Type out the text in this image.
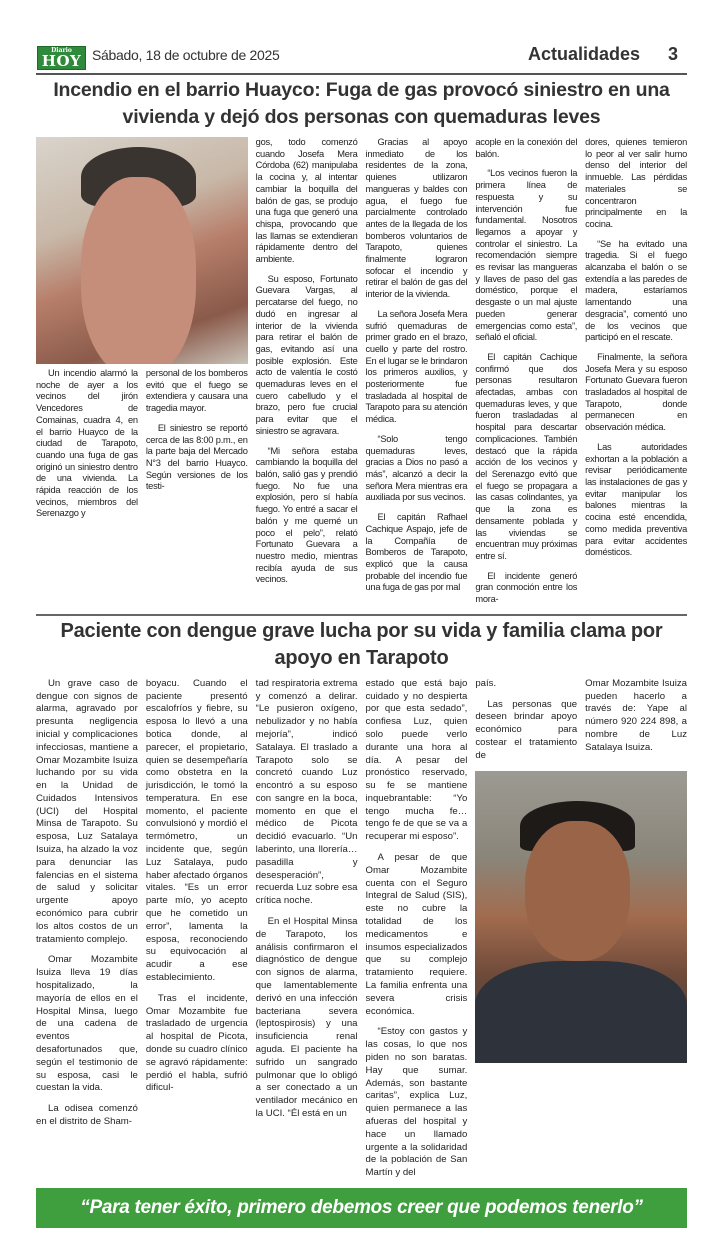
Diario
HOY Sábado, 18 de octubre de 2025	Actualidades 3
Incendio en el barrio Huayco: Fuga de gas provocó siniestro en una vivienda y dejó dos personas con quemaduras leves

Un incendio alarmó la noche de ayer a los vecinos del jirón Vencedores de Comainas, cuadra 4, en el barrio Huayco de la ciudad de Tarapoto, cuando una fuga de gas originó un siniestro dentro de una vivienda. La rápida reacción de los vecinos, miembros del Serenazgo y

personal de los bomberos evitó que el fuego se extendiera y causara una tragedia mayor.

El siniestro se reportó cerca de las 8:00 p.m., en la parte baja del Mercado N°3 del barrio Huayco. Según versiones de los testi-

gos, todo comenzó cuando Josefa Mera Córdoba (62) manipulaba la cocina y, al intentar cambiar la boquilla del balón de gas, se produjo una fuga que generó una chispa, provocando que las llamas se extendieran rápidamente dentro del ambiente.

Su esposo, Fortunato Guevara Vargas, al percatarse del fuego, no dudó en ingresar al interior de la vivienda para retirar el balón de gas, evitando así una posible explosión. Este acto de valentía le costó quemaduras leves en el cuero cabelludo y el brazo, pero fue crucial para evitar que el siniestro se agravara.

“Mi señora estaba cambiando la boquilla del balón, salió gas y prendió fuego. No fue una explosión, pero sí había fuego. Yo entré a sacar el balón y me quemé un poco el pelo”, relató Fortunato Guevara a nuestro medio, mientras recibía ayuda de sus vecinos.

Gracias al apoyo inmediato de los residentes de la zona, quienes utilizaron mangueras y baldes con agua, el fuego fue parcialmente controlado antes de la llegada de los bomberos voluntarios de Tarapoto, quienes finalmente lograron sofocar el incendio y retirar el balón de gas del interior de la vivienda.

La señora Josefa Mera sufrió quemaduras de primer grado en el brazo, cuello y parte del rostro. En el lugar se le brindaron los primeros auxilios, y posteriormente fue trasladada al hospital de Tarapoto para su atención médica.

“Solo tengo quemaduras leves, gracias a Dios no pasó a más”, alcanzó a decir la señora Mera mientras era auxiliada por sus vecinos.

El capitán Rafhael Cachique Aspajo, jefe de la Compañía de Bomberos de Tarapoto, explicó que la causa probable del incendio fue una fuga de gas por mal

acople en la conexión del balón.

“Los vecinos fueron la primera línea de respuesta y su intervención fue fundamental. Nosotros llegamos a apoyar y controlar el siniestro. La recomendación siempre es revisar las mangueras y llaves de paso del gas doméstico, porque el desgaste o un mal ajuste pueden generar emergencias como esta”, señaló el oficial.

El capitán Cachique confirmó que dos personas resultaron afectadas, ambas con quemaduras leves, y que fueron trasladadas al hospital para descartar complicaciones. También destacó que la rápida acción de los vecinos y del Serenazgo evitó que el fuego se propagara a las casas colindantes, ya que la zona es densamente poblada y las viviendas se encuentran muy próximas entre sí.

El incidente generó gran conmoción entre los mora-

dores, quienes temieron lo peor al ver salir humo denso del interior del inmueble. Las pérdidas materiales se concentraron principalmente en la cocina.

“Se ha evitado una tragedia. Si el fuego alcanzaba el balón o se extendía a las paredes de madera, estaríamos lamentando una desgracia”, comentó uno de los vecinos que participó en el rescate.

Finalmente, la señora Josefa Mera y su esposo Fortunato Guevara fueron trasladados al hospital de Tarapoto, donde permanecen en observación médica.

Las autoridades exhortan a la población a revisar periódicamente las instalaciones de gas y evitar manipular los balones mientras la cocina esté encendida, como medida preventiva para evitar accidentes domésticos.

Paciente con dengue grave lucha por su vida y familia clama por apoyo en Tarapoto

Un grave caso de dengue con signos de alarma, agravado por presunta negligencia inicial y complicaciones infecciosas, mantiene a Omar Mozambite Isuiza luchando por su vida en la Unidad de Cuidados Intensivos (UCI) del Hospital Minsa de Tarapoto. Su esposa, Luz Satalaya Isuiza, ha alzado la voz para denunciar las falencias en el sistema de salud y solicitar urgente apoyo económico para cubrir los altos costos de un tratamiento complejo.

Omar Mozambite Isuiza lleva 19 días hospitalizado, la mayoría de ellos en el Hospital Minsa, luego de una cadena de eventos desafortunados que, según el testimonio de su esposa, casi le cuestan la vida.

La odisea comenzó en el distrito de Sham-

boyacu. Cuando el paciente presentó escalofríos y fiebre, su esposa lo llevó a una botica donde, al parecer, el propietario, quien se desempeñaría como obstetra en la jurisdicción, le tomó la temperatura. En ese momento, el paciente convulsionó y mordió el termómetro, un incidente que, según Luz Satalaya, pudo haber afectado órganos vitales. “Es un error parte mío, yo acepto que he cometido un error”, lamenta la esposa, reconociendo su equivocación al acudir a ese establecimiento.

Tras el incidente, Omar Mozambite fue trasladado de urgencia al hospital de Picota, donde su cuadro clínico se agravó rápidamente: perdió el habla, sufrió dificul-

tad respiratoria extrema y comenzó a delirar. “Le pusieron oxígeno, nebulizador y no había mejoría”, indicó Satalaya. El traslado a Tarapoto solo se concretó cuando Luz encontró a su esposo con sangre en la boca, momento en que el médico de Picota decidió evacuarlo. “Un laberinto, una llorería… pasadilla y desesperación”, recuerda Luz sobre esa crítica noche.

En el Hospital Minsa de Tarapoto, los análisis confirmaron el diagnóstico de dengue con signos de alarma, que lamentablemente derivó en una infección bacteriana severa (leptospirosis) y una insuficiencia renal aguda. El paciente ha sufrido un sangrado pulmonar que lo obligó a ser conectado a un ventilador mecánico en la UCI. “Él está en un

estado que está bajo cuidado y no despierta por que esta sedado”, confiesa Luz, quien solo puede verlo durante una hora al día. A pesar del pronóstico reservado, su fe se mantiene inquebrantable: “Yo tengo mucha fe… tengo fe de que se va a recuperar mi esposo”.

A pesar de que Omar Mozambite cuenta con el Seguro Integral de Salud (SIS), este no cubre la totalidad de los medicamentos e insumos especializados que su complejo tratamiento requiere. La familia enfrenta una severa crisis económica.

“Estoy con gastos y las cosas, lo que nos piden no son baratas. Hay que sumar. Además, son bastante caritas”, explica Luz, quien permanece a las afueras del hospital y hace un llamado urgente a la solidaridad de la población de San Martín y del

país.

Las personas que deseen brindar apoyo económico para costear el tratamiento de

Omar Mozambite Isuiza pueden hacerlo a través de: Yape al número 920 224 898, a nombre de Luz Satalaya Isuiza.

“Para tener éxito, primero debemos creer que podemos tenerlo”
